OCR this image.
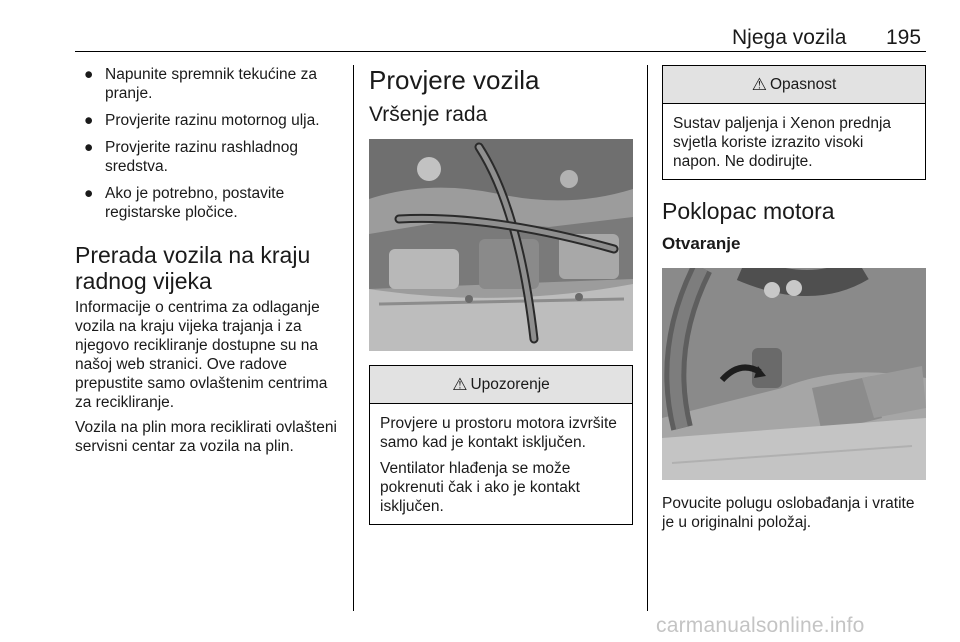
Njega vozila 195
● Napunite spremnik tekućine za pranje.
● Provjerite razinu motornog ulja.
● Provjerite razinu rashladnog sredstva.
● Ako je potrebno, postavite registarske pločice.
Prerada vozila na kraju radnog vijeka

Informacije o centrima za odlaganje vozila na kraju vijeka trajanja i za njegovo recikliranje dostupne su na našoj web stranici. Ove radove prepustite samo ovlaštenim centrima za recikliranje.

Vozila na plin mora reciklirati ovlašteni servisni centar za vozila na plin.

Provjere vozila
Vršenje rada
⚠ Upozorenje

Provjere u prostoru motora izvršite samo kad je kontakt isključen.

Ventilator hlađenja se može pokrenuti čak i ako je kontakt isključen.

⚠ Opasnost

Sustav paljenja i Xenon prednja svjetla koriste izrazito visoki napon. Ne dodirujte.

Poklopac motora
Otvaranje

Povucite polugu oslobađanja i vratite je u originalni položaj.

carmanualsonline.info
